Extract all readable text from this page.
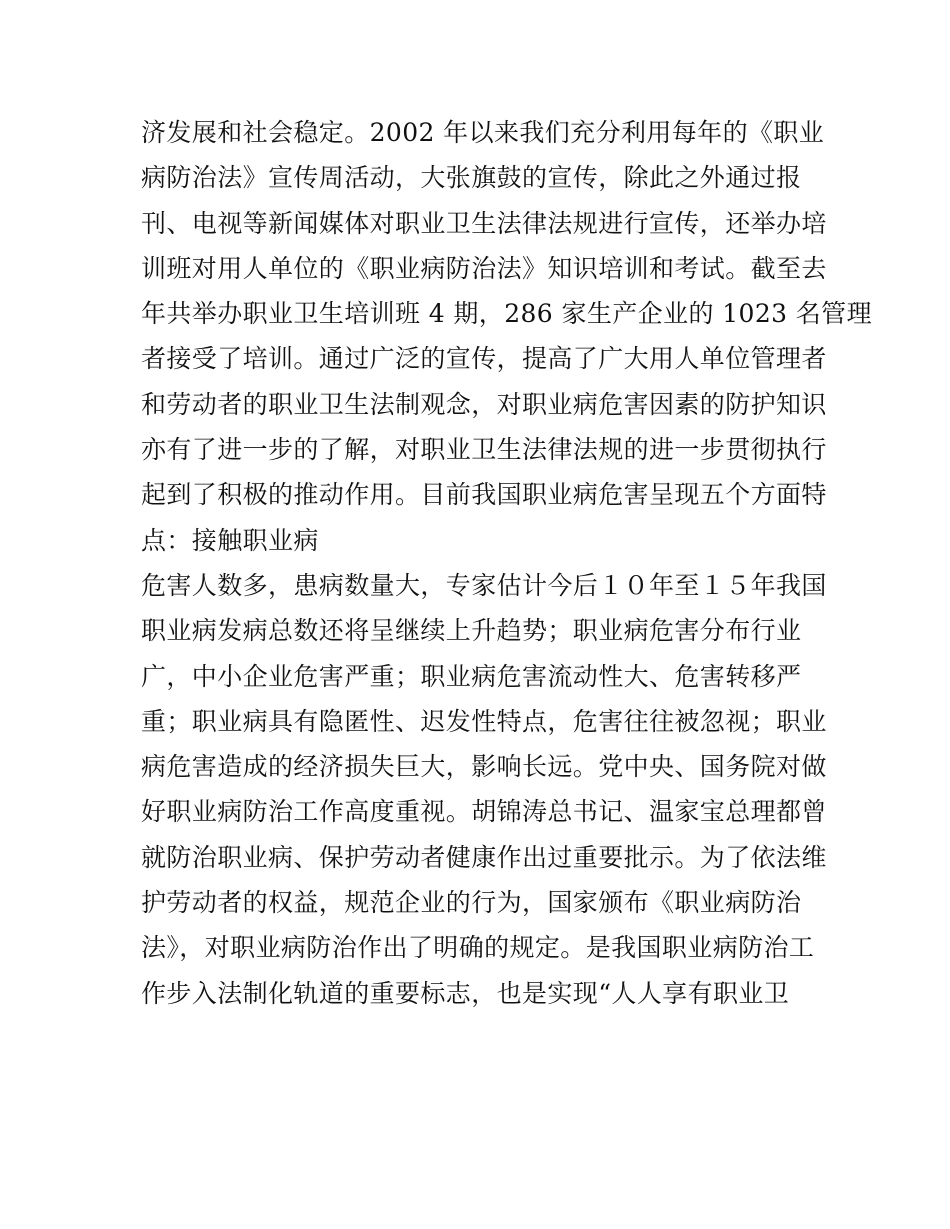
济发展和社会稳定。2002 年以来我们充分利用每年的《职业
病防治法》宣传周活动，大张旗鼓的宣传，除此之外通过报
刊、电视等新闻媒体对职业卫生法律法规进行宣传，还举办培
训班对用人单位的《职业病防治法》知识培训和考试。截至去
年共举办职业卫生培训班 4 期，286 家生产企业的 1023 名管理
者接受了培训。通过广泛的宣传，提高了广大用人单位管理者
和劳动者的职业卫生法制观念，对职业病危害因素的防护知识
亦有了进一步的了解，对职业卫生法律法规的进一步贯彻执行
起到了积极的推动作用。目前我国职业病危害呈现五个方面特
点：接触职业病
危害人数多，患病数量大，专家估计今后１０年至１５年我国
职业病发病总数还将呈继续上升趋势；职业病危害分布行业
广，中小企业危害严重；职业病危害流动性大、危害转移严
重；职业病具有隐匿性、迟发性特点，危害往往被忽视；职业
病危害造成的经济损失巨大，影响长远。党中央、国务院对做
好职业病防治工作高度重视。胡锦涛总书记、温家宝总理都曾
就防治职业病、保护劳动者健康作出过重要批示。为了依法维
护劳动者的权益，规范企业的行为，国家颁布《职业病防治
法》，对职业病防治作出了明确的规定。是我国职业病防治工
作步入法制化轨道的重要标志，也是实现“人人享有职业卫
